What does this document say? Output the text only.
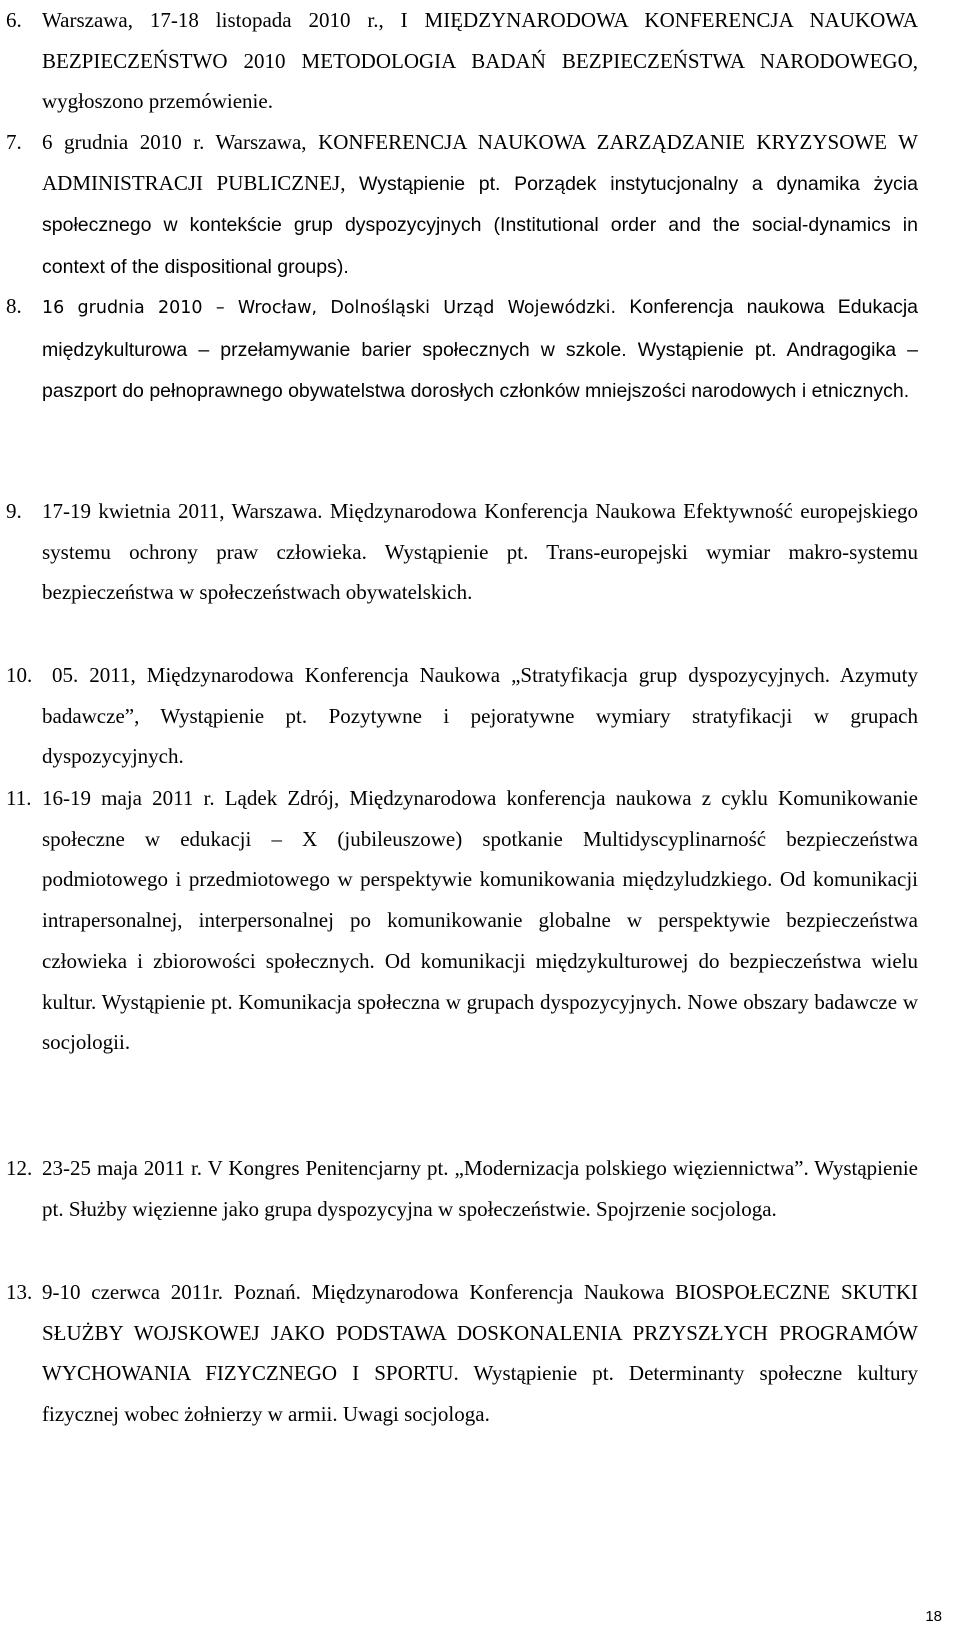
6. Warszawa, 17-18 listopada 2010 r., I MIĘDZYNARODOWA KONFERENCJA NAUKOWA BEZPIECZEŃSTWO 2010 METODOLOGIA BADAŃ BEZPIECZEŃSTWA NARODOWEGO, wygłoszono przemówienie.

7. 6 grudnia 2010 r. Warszawa, KONFERENCJA NAUKOWA ZARZĄDZANIE KRYZYSOWE W ADMINISTRACJI PUBLICZNEJ, Wystąpienie pt. Porządek instytucjonalny a dynamika życia społecznego w kontekście grup dyspozycyjnych (Institutional order and the social-dynamics in context of the dispositional groups).

8. 16 grudnia 2010 – Wrocław, Dolnośląski Urząd Wojewódzki. Konferencja naukowa Edukacja międzykulturowa – przełamywanie barier społecznych w szkole. Wystąpienie pt. Andragogika – paszport do pełnoprawnego obywatelstwa dorosłych członków mniejszości narodowych i etnicznych.

9. 17-19 kwietnia 2011, Warszawa. Międzynarodowa Konferencja Naukowa Efektywność europejskiego systemu ochrony praw człowieka. Wystąpienie pt. Trans-europejski wymiar makro-systemu bezpieczeństwa w społeczeństwach obywatelskich.

10. 05. 2011, Międzynarodowa Konferencja Naukowa „Stratyfikacja grup dyspozycyjnych. Azymuty badawcze”, Wystąpienie pt. Pozytywne i pejoratywne wymiary stratyfikacji w grupach dyspozycyjnych.

11. 16-19 maja 2011 r. Lądek Zdrój, Międzynarodowa konferencja naukowa z cyklu Komunikowanie społeczne w edukacji – X (jubileuszowe) spotkanie Multidyscyplinarność bezpieczeństwa podmiotowego i przedmiotowego w perspektywie komunikowania międzyludzkiego. Od komunikacji intrapersonalnej, interpersonalnej po komunikowanie globalne w perspektywie bezpieczeństwa człowieka i zbiorowości społecznych. Od komunikacji międzykulturowej do bezpieczeństwa wielu kultur. Wystąpienie pt. Komunikacja społeczna w grupach dyspozycyjnych. Nowe obszary badawcze w socjologii.

12. 23-25 maja 2011 r. V Kongres Penitencjarny pt. „Modernizacja polskiego więziennictwa”. Wystąpienie pt. Służby więzienne jako grupa dyspozycyjna w społeczeństwie. Spojrzenie socjologa.

13. 9-10 czerwca 2011r. Poznań. Międzynarodowa Konferencja Naukowa BIOSPOŁECZNE SKUTKI SŁUŻBY WOJSKOWEJ JAKO PODSTAWA DOSKONALENIA PRZYSZŁYCH PROGRAMÓW WYCHOWANIA FIZYCZNEGO I SPORTU. Wystąpienie pt. Determinanty społeczne kultury fizycznej wobec żołnierzy w armii. Uwagi socjologa.

18
